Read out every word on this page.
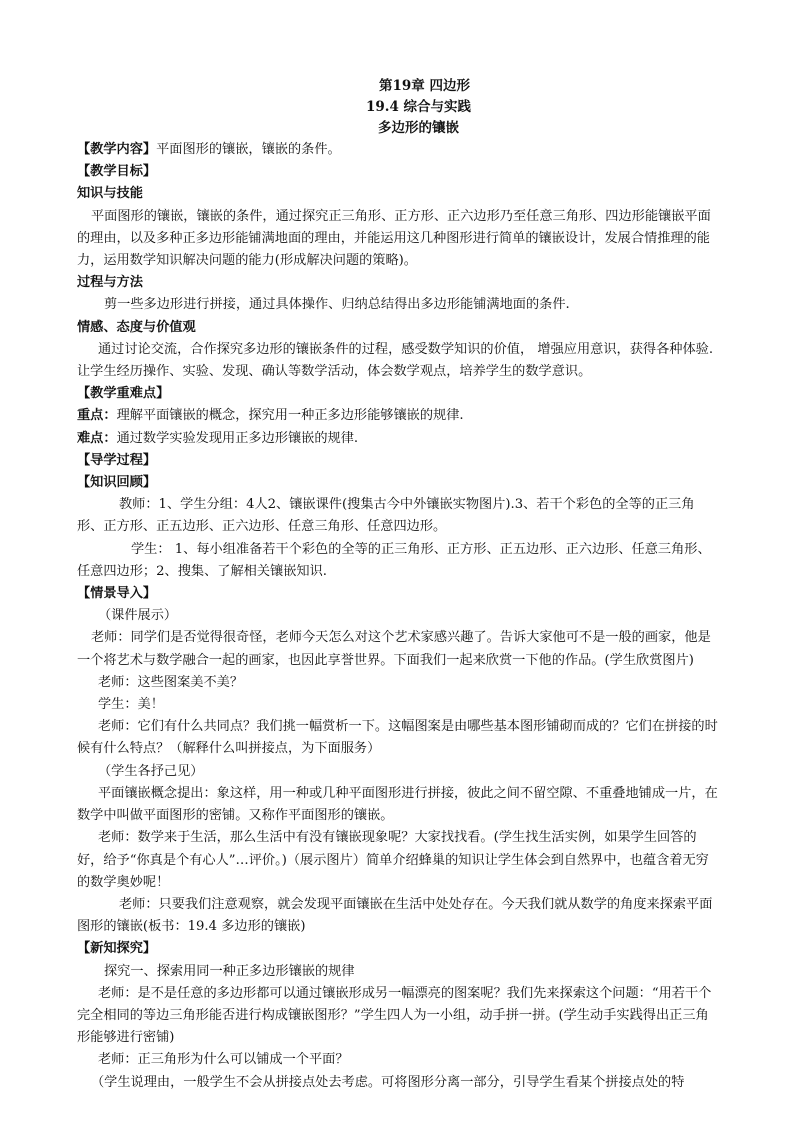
第19章 四边形
19.4 综合与实践
多边形的镶嵌

【教学内容】平面图形的镶嵌，镶嵌的条件。

【教学目标】

知识与技能

平面图形的镶嵌，镶嵌的条件，通过探究正三角形、正方形、正六边形乃至任意三角形、四边形能镶嵌平面的理由，以及多种正多边形能铺满地面的理由，并能运用这几种图形进行简单的镶嵌设计，发展合情推理的能力，运用数学知识解决问题的能力(形成解决问题的策略)。

过程与方法

剪一些多边形进行拼接，通过具体操作、归纳总结得出多边形能铺满地面的条件.

情感、态度与价值观

通过讨论交流，合作探究多边形的镶嵌条件的过程，感受数学知识的价值， 增强应用意识，获得各种体验.让学生经历操作、实验、发现、确认等数学活动，体会数学观点，培养学生的数学意识。

【教学重难点】

重点：理解平面镶嵌的概念，探究用一种正多边形能够镶嵌的规律.

难点：通过数学实验发现用正多边形镶嵌的规律.

【导学过程】

【知识回顾】

教师：1、学生分组：4人2、镶嵌课件(搜集古今中外镶嵌实物图片).3、若干个彩色的全等的正三角形、正方形、正五边形、正六边形、任意三角形、任意四边形。

学生： 1、每小组准备若干个彩色的全等的正三角形、正方形、正五边形、正六边形、任意三角形、任意四边形；2、搜集、了解相关镶嵌知识.

【情景导入】

（课件展示）

老师：同学们是否觉得很奇怪，老师今天怎么对这个艺术家感兴趣了。告诉大家他可不是一般的画家，他是一个将艺术与数学融合一起的画家，也因此享誉世界。下面我们一起来欣赏一下他的作品。(学生欣赏图片)

老师：这些图案美不美？

学生：美！

老师：它们有什么共同点？我们挑一幅赏析一下。这幅图案是由哪些基本图形铺砌而成的？它们在拼接的时候有什么特点？（解释什么叫拼接点，为下面服务）

（学生各抒己见）

平面镶嵌概念提出：象这样，用一种或几种平面图形进行拼接，彼此之间不留空隙、不重叠地铺成一片，在数学中叫做平面图形的密铺。又称作平面图形的镶嵌。

老师：数学来于生活，那么生活中有没有镶嵌现象呢？大家找找看。(学生找生活实例，如果学生回答的好，给予“你真是个有心人”…评价。)（展示图片）简单介绍蜂巢的知识让学生体会到自然界中，也蕴含着无穷的数学奥妙呢！

老师：只要我们注意观察，就会发现平面镶嵌在生活中处处存在。今天我们就从数学的角度来探索平面图形的镶嵌(板书：19.4 多边形的镶嵌)

【新知探究】

探究一、探索用同一种正多边形镶嵌的规律

老师：是不是任意的多边形都可以通过镶嵌形成另一幅漂亮的图案呢？我们先来探索这个问题：“用若干个完全相同的等边三角形能否进行构成镶嵌图形？”学生四人为一小组，动手拼一拼。(学生动手实践得出正三角形能够进行密铺)

老师：正三角形为什么可以铺成一个平面？

（学生说理由，一般学生不会从拼接点处去考虑。可将图形分离一部分，引导学生看某个拼接点处的特
